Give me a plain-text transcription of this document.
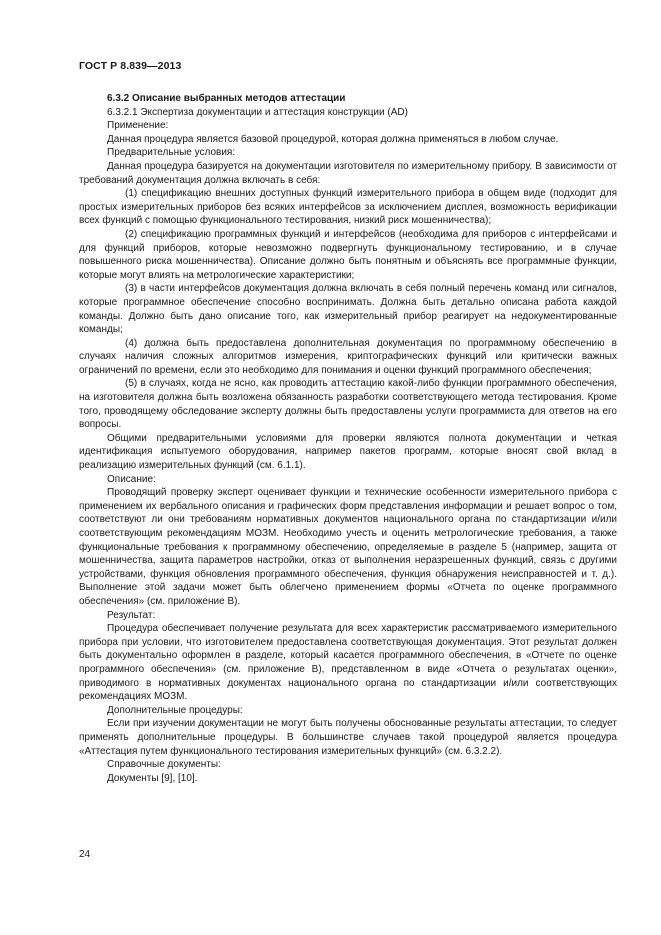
ГОСТ Р 8.839—2013

6.3.2 Описание выбранных методов аттестации

6.3.2.1 Экспертиза документации и аттестация конструкции (AD)

Применение:

Данная процедура является базовой процедурой, которая должна применяться в любом случае.

Предварительные условия:

Данная процедура базируется на документации изготовителя по измерительному прибору. В зависимости от требований документация должна включать в себя:

(1) спецификацию внешних доступных функций измерительного прибора в общем виде (подходит для простых измерительных приборов без всяких интерфейсов за исключением дисплея, возможность верификации всех функций с помощью функционального тестирования, низкий риск мошенничества);

(2) спецификацию программных функций и интерфейсов (необходима для приборов с интерфейсами и для функций приборов, которые невозможно подвергнуть функциональному тестированию, и в случае повышенного риска мошенничества). Описание должно быть понятным и объяснять все программные функции, которые могут влиять на метрологические характеристики;

(3) в части интерфейсов документация должна включать в себя полный перечень команд или сигналов, которые программное обеспечение способно воспринимать. Должна быть детально описана работа каждой команды. Должно быть дано описание того, как измерительный прибор реагирует на недокументированные команды;

(4) должна быть предоставлена дополнительная документация по программному обеспечению в случаях наличия сложных алгоритмов измерения, криптографических функций или критически важных ограничений по времени, если это необходимо для понимания и оценки функций программного обеспечения;

(5) в случаях, когда не ясно, как проводить аттестацию какой-либо функции программного обеспечения, на изготовителя должна быть возложена обязанность разработки соответствующего метода тестирования. Кроме того, проводящему обследование эксперту должны быть предоставлены услуги программиста для ответов на его вопросы.

Общими предварительными условиями для проверки являются полнота документации и четкая идентификация испытуемого оборудования, например пакетов программ, которые вносят свой вклад в реализацию измерительных функций (см. 6.1.1).

Описание:

Проводящий проверку эксперт оценивает функции и технические особенности измерительного прибора с применением их вербального описания и графических форм представления информации и решает вопрос о том, соответствуют ли они требованиям нормативных документов национального органа по стандартизации и/или соответствующим рекомендациям МОЗМ. Необходимо учесть и оценить метрологические требования, а также функциональные требования к программному обеспечению, определяемые в разделе 5 (например, защита от мошенничества, защита параметров настройки, отказ от выполнения неразрешенных функций, связь с другими устройствами, функция обновления программного обеспечения, функция обнаружения неисправностей и т. д.). Выполнение этой задачи может быть облегчено применением формы «Отчета по оценке программного обеспечения» (см. приложение В).

Результат:

Процедура обеспечивает получение результата для всех характеристик рассматриваемого измерительного прибора при условии, что изготовителем предоставлена соответствующая документация. Этот результат должен быть документально оформлен в разделе, который касается программного обеспечения, в «Отчете по оценке программного обеспечения» (см. приложение В), представленном в виде «Отчета о результатах оценки», приводимого в нормативных документах национального органа по стандартизации и/или соответствующих рекомендациях МОЗМ.

Дополнительные процедуры:

Если при изучении документации не могут быть получены обоснованные результаты аттестации, то следует применять дополнительные процедуры. В большинстве случаев такой процедурой является процедура «Аттестация путем функционального тестирования измерительных функций» (см. 6.3.2.2).

Справочные документы:

Документы [9], [10].

24
